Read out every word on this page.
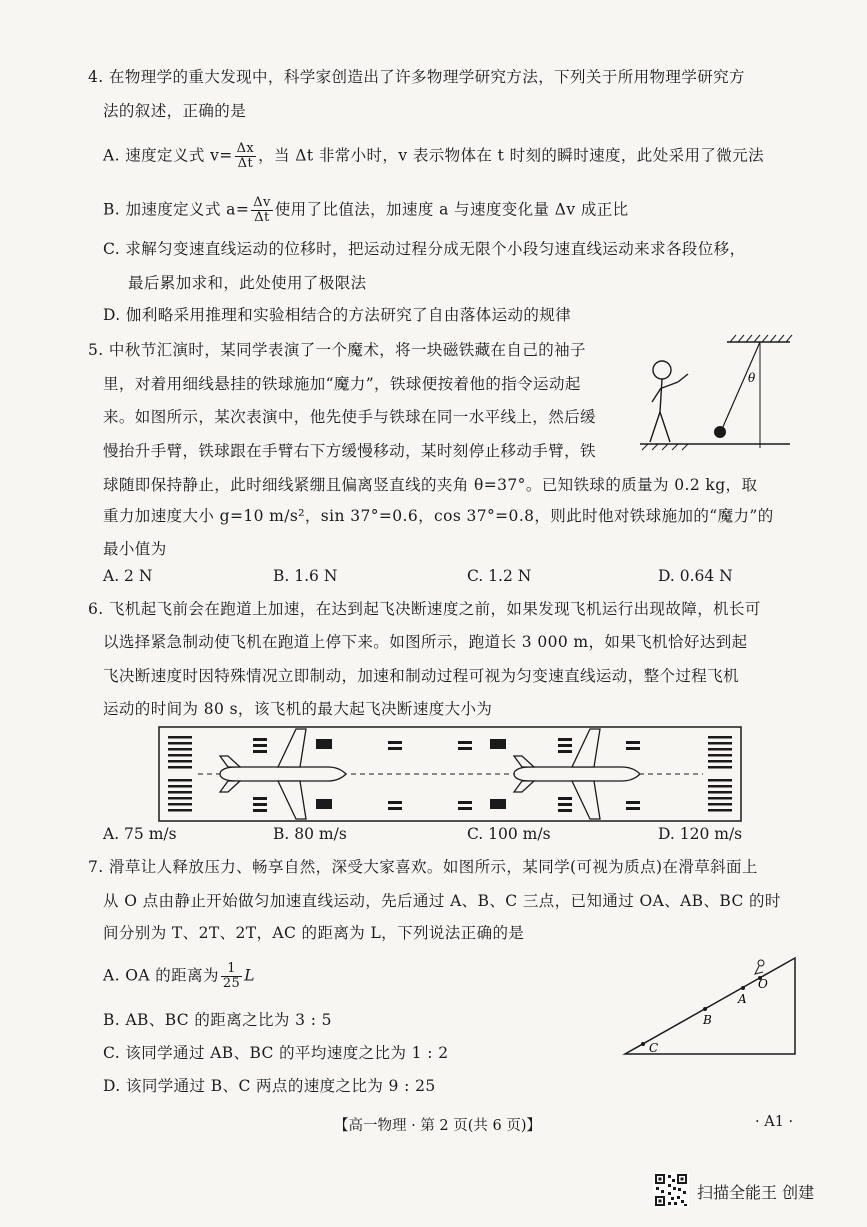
4. 在物理学的重大发现中，科学家创造出了许多物理学研究方法，下列关于所用物理学研究方
法的叙述，正确的是
A. 速度定义式 $v= \frac{\Delta x}{\Delta t}$ ，当 Δt 非常小时，v 表示物体在 t 时刻的瞬时速度，此处采用了微元法
B. 加速度定义式 $a= \frac{\Delta v}{\Delta t}$ 使用了比值法，加速度 a 与速度变化量 Δv 成正比
C. 求解匀变速直线运动的位移时，把运动过程分成无限个小段匀速直线运动来求各段位移，
最后累加求和，此处使用了极限法
D. 伽利略采用推理和实验相结合的方法研究了自由落体运动的规律
5. 中秋节汇演时，某同学表演了一个魔术，将一块磁铁藏在自己的袖子
里，对着用细线悬挂的铁球施加“魔力”，铁球便按着他的指令运动起
来。如图所示，某次表演中，他先使手与铁球在同一水平线上，然后缓
慢抬升手臂，铁球跟在手臂右下方缓慢移动，某时刻停止移动手臂，铁
球随即保持静止，此时细线紧绷且偏离竖直线的夹角 θ=37°。已知铁球的质量为 0.2 kg，取
重力加速度大小 g=10 m/s²，sin 37°=0.6，cos 37°=0.8，则此时他对铁球施加的“魔力”的
最小值为
A. 2 N	B. 1.6 N	C. 1.2 N	D. 0.64 N
θ
6. 飞机起飞前会在跑道上加速，在达到起飞决断速度之前，如果发现飞机运行出现故障，机长可
以选择紧急制动使飞机在跑道上停下来。如图所示，跑道长 3 000 m，如果飞机恰好达到起
飞决断速度时因特殊情况立即制动，加速和制动过程可视为匀变速直线运动，整个过程飞机
运动的时间为 80 s，该飞机的最大起飞决断速度大小为
A. 75 m/s	B. 80 m/s	C. 100 m/s	D. 120 m/s
7. 滑草让人释放压力、畅享自然，深受大家喜欢。如图所示，某同学(可视为质点)在滑草斜面上
从 O 点由静止开始做匀加速直线运动，先后通过 A、B、C 三点，已知通过 OA、AB、BC 的时
间分别为 T、2T、2T，AC 的距离为 L，下列说法正确的是
A. OA 的距离为 $\frac{1}{25}$ L
B. AB、BC 的距离之比为 3 : 5
C. 该同学通过 AB、BC 的平均速度之比为 1 : 2
D. 该同学通过 B、C 两点的速度之比为 9 : 25
O
A
B
C
【高一物理 · 第 2 页(共 6 页)】	· A1 ·
扫描全能王 创建
